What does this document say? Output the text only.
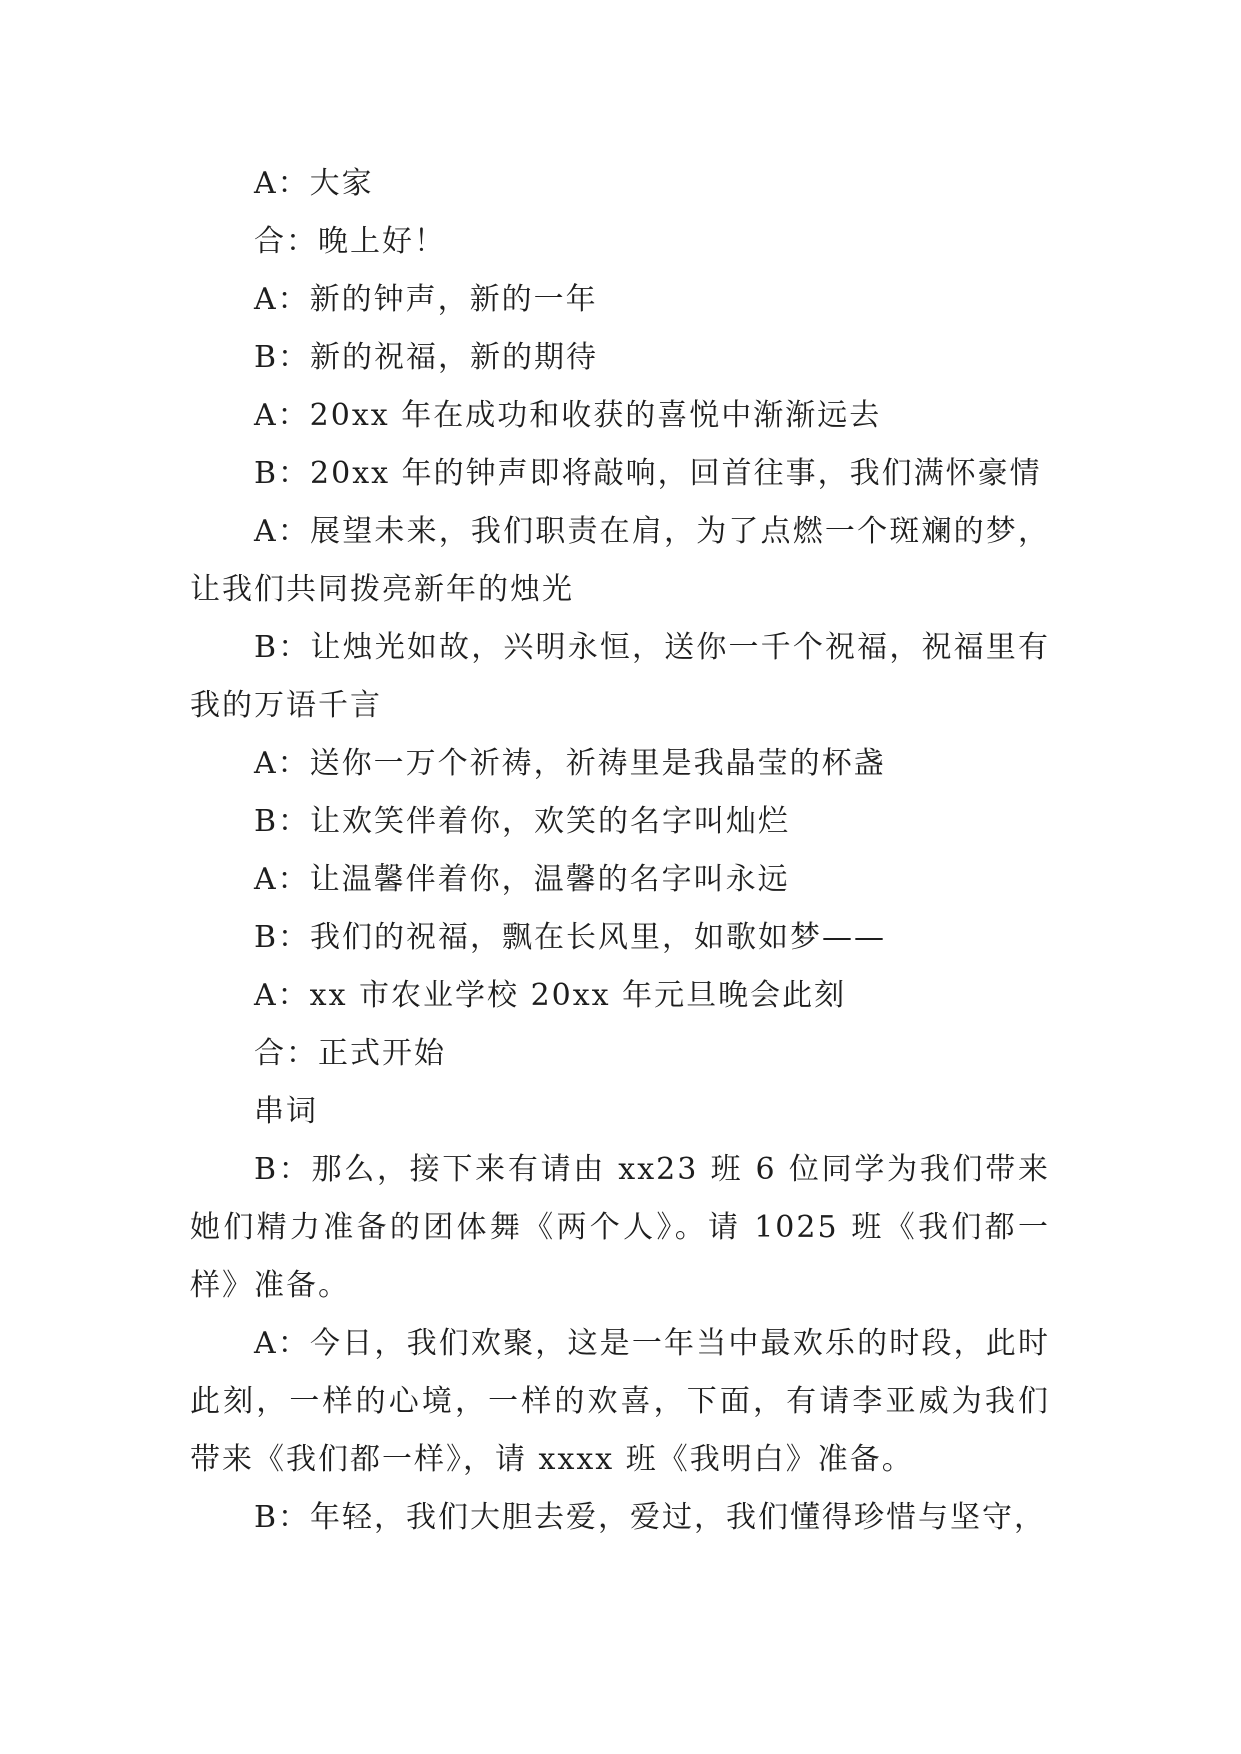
A：大家

合：晚上好！

A：新的钟声，新的一年

B：新的祝福，新的期待

A：20xx 年在成功和收获的喜悦中渐渐远去

B：20xx 年的钟声即将敲响，回首往事，我们满怀豪情

A：展望未来，我们职责在肩，为了点燃一个斑斓的梦，让我们共同拨亮新年的烛光

B：让烛光如故，兴明永恒，送你一千个祝福，祝福里有我的万语千言

A：送你一万个祈祷，祈祷里是我晶莹的杯盏

B：让欢笑伴着你，欢笑的名字叫灿烂

A：让温馨伴着你，温馨的名字叫永远

B：我们的祝福，飘在长风里，如歌如梦——

A：xx 市农业学校 20xx 年元旦晚会此刻

合：正式开始

串词

B：那么，接下来有请由 xx23 班 6 位同学为我们带来她们精力准备的团体舞《两个人》。请 1025 班《我们都一样》准备。

A：今日，我们欢聚，这是一年当中最欢乐的时段，此时此刻，一样的心境，一样的欢喜，下面，有请李亚威为我们带来《我们都一样》，请 xxxx 班《我明白》准备。

B：年轻，我们大胆去爱，爱过，我们懂得珍惜与坚守，
